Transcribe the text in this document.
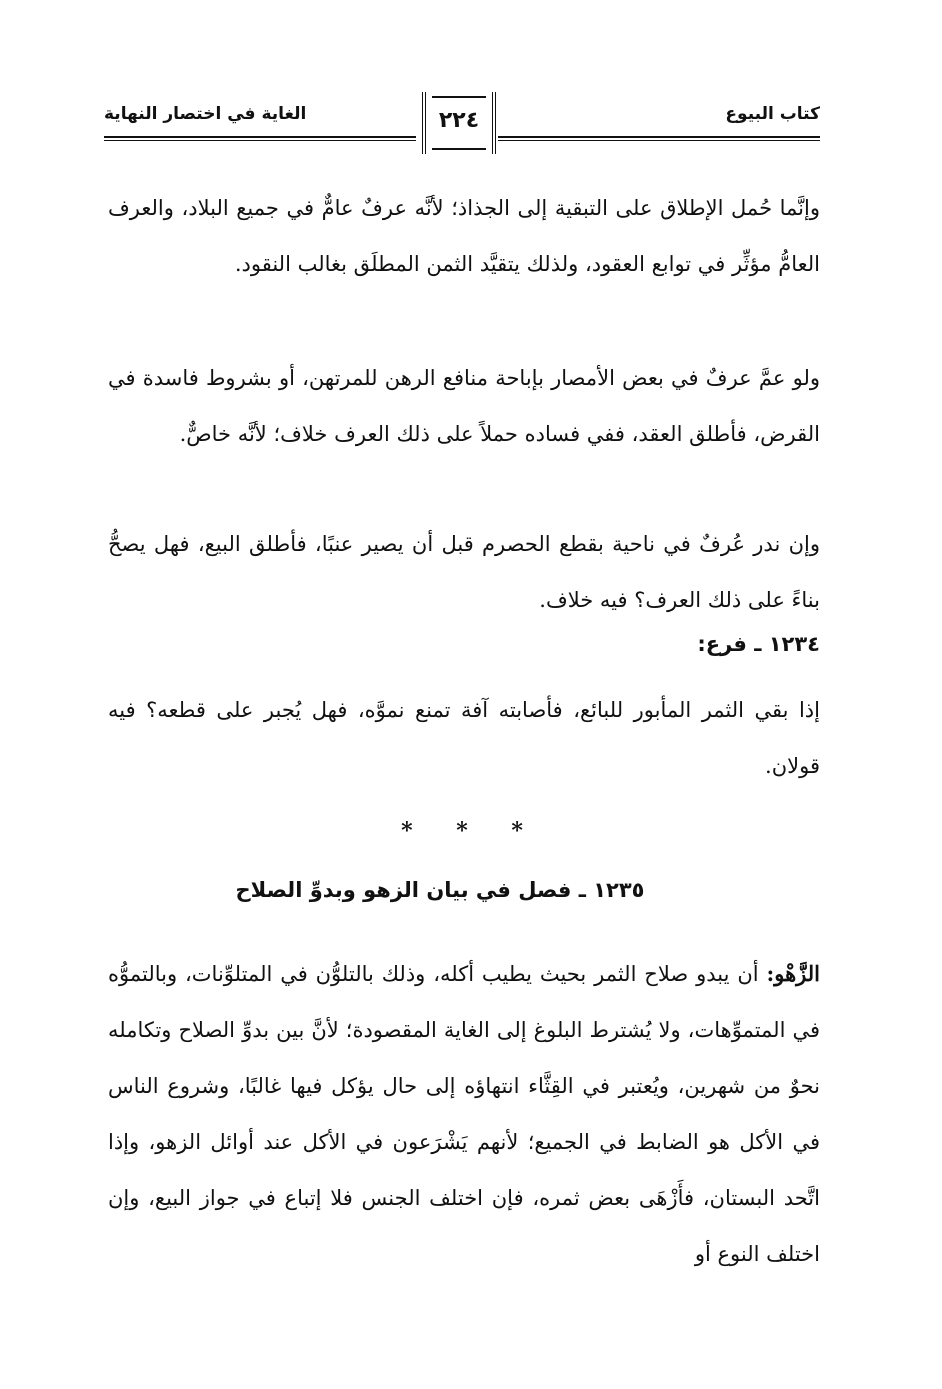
كتاب البيوع
الغاية في اختصار النهاية	٢٢٤

وإنَّما حُمل الإطلاق على التبقية إلى الجذاذ؛ لأنَّه عرفٌ عامٌّ في جميع البلاد، والعرف العامُّ مؤثِّر في توابع العقود، ولذلك يتقيَّد الثمن المطلَق بغالب النقود.

ولو عمَّ عرفٌ في بعض الأمصار بإباحة منافع الرهن للمرتهن، أو بشروط فاسدة في القرض، فأطلق العقد، ففي فساده حملاً على ذلك العرف خلاف؛ لأنَّه خاصٌّ.

وإن ندر عُرفٌ في ناحية بقطع الحصرم قبل أن يصير عنبًا، فأطلق البيع، فهل يصحُّ بناءً على ذلك العرف؟ فيه خلاف.

١٢٣٤ ـ فرع:

إذا بقي الثمر المأبور للبائع، فأصابته آفة تمنع نموَّه، فهل يُجبر على قطعه؟ فيه قولان.

* * *
١٢٣٥ ـ فصل في بيان الزهو وبدوِّ الصلاح

الزَّهْو: أن يبدو صلاح الثمر بحيث يطيب أكله، وذلك بالتلوُّن في المتلوِّنات، وبالتموُّه في المتموِّهات، ولا يُشترط البلوغ إلى الغاية المقصودة؛ لأنَّ بين بدوِّ الصلاح وتكامله نحوٌ من شهرين، ويُعتبر في القِثَّاء انتهاؤه إلى حال يؤكل فيها غالبًا، وشروع الناس في الأكل هو الضابط في الجميع؛ لأنهم يَشْرَعون في الأكل عند أوائل الزهو، وإذا اتَّحد البستان، فأَزْهَى بعض ثمره، فإن اختلف الجنس فلا إتباع في جواز البيع، وإن اختلف النوع أو
